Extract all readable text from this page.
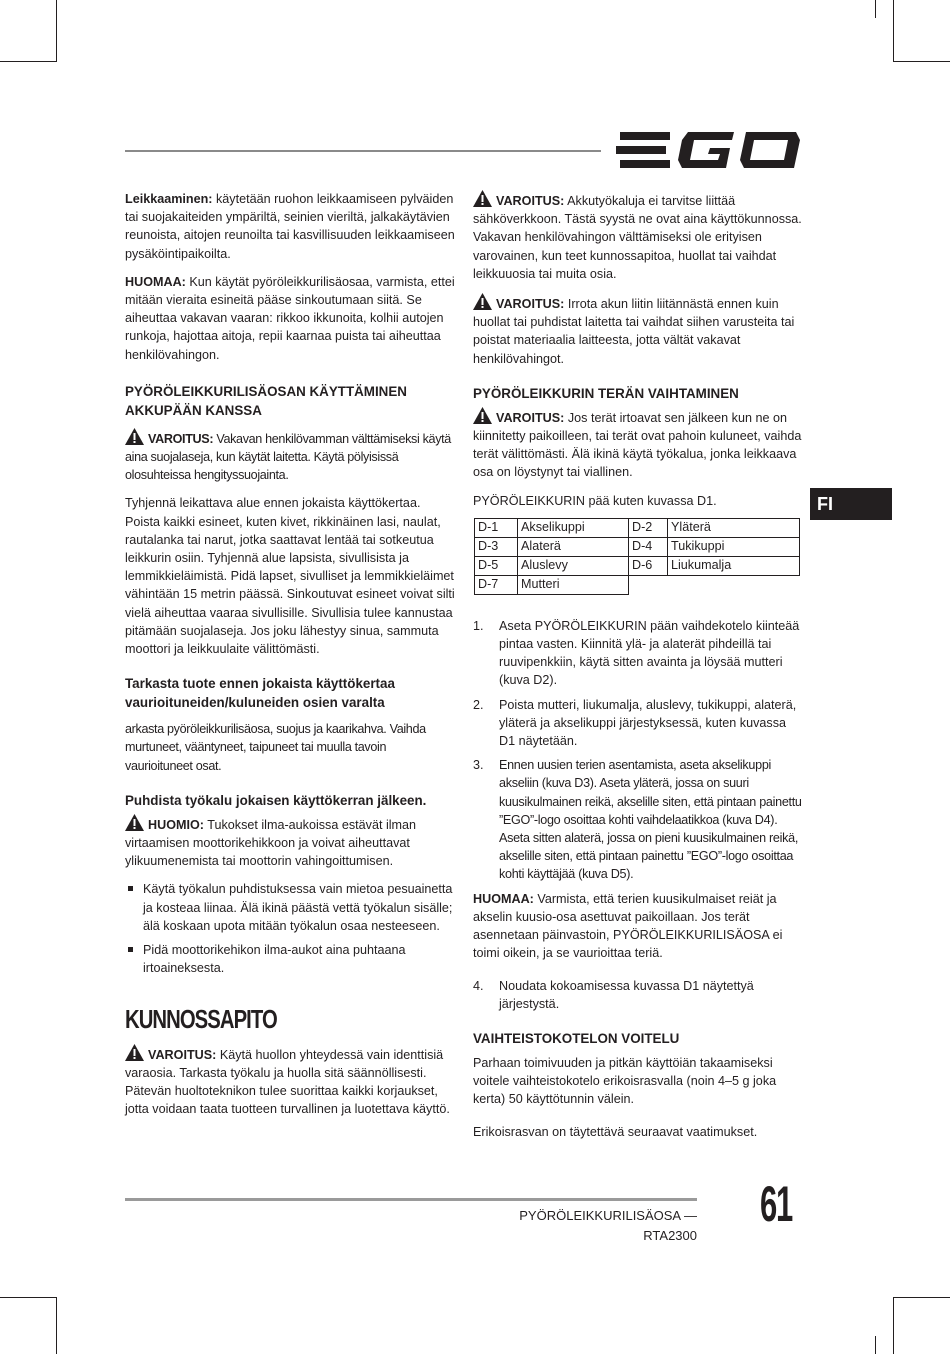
FI

Leikkaaminen: käytetään ruohon leikkaamiseen pylväiden tai suojakaiteiden ympäriltä, seinien vieriltä, jalkakäytävien reunoista, aitojen reunoilta tai kasvillisuuden leikkaamiseen pysäköintipaikoilta.

HUOMAA: Kun käytät pyöröleikkurilisäosaa, varmista, ettei mitään vieraita esineitä pääse sinkoutumaan siitä. Se aiheuttaa vakavan vaaran: rikkoo ikkunoita, kolhii autojen runkoja, hajottaa aitoja, repii kaarnaa puista tai aiheuttaa henkilövahingon.

PYÖRÖLEIKKURILISÄOSAN KÄYTTÄMINEN AKKUPÄÄN KANSSA

VAROITUS: Vakavan henkilövamman välttämiseksi käytä aina suojalaseja, kun käytät laitetta. Käytä pölyisissä olosuhteissa hengityssuojainta.

Tyhjennä leikattava alue ennen jokaista käyttökertaa. Poista kaikki esineet, kuten kivet, rikkinäinen lasi, naulat, rautalanka tai narut, jotka saattavat lentää tai sotkeutua leikkurin osiin. Tyhjennä alue lapsista, sivullisista ja lemmikkieläimistä. Pidä lapset, sivulliset ja lemmikkieläimet vähintään 15 metrin päässä. Sinkoutuvat esineet voivat silti vielä aiheuttaa vaaraa sivullisille. Sivullisia tulee kannustaa pitämään suojalaseja. Jos joku lähestyy sinua, sammuta moottori ja leikkuulaite välittömästi.

Tarkasta tuote ennen jokaista käyttökertaa vaurioituneiden/kuluneiden osien varalta

arkasta pyöröleikkurilisäosa, suojus ja kaarikahva. Vaihda murtuneet, vääntyneet, taipuneet tai muulla tavoin vaurioituneet osat.

Puhdista työkalu jokaisen käyttökerran jälkeen.

HUOMIO: Tukokset ilma-aukoissa estävät ilman virtaamisen moottorikehikkoon ja voivat aiheuttavat ylikuumenemista tai moottorin vahingoittumisen.

Käytä työkalun puhdistuksessa vain mietoa pesuainetta ja kosteaa liinaa. Älä ikinä päästä vettä työkalun sisälle; älä koskaan upota mitään työkalun osaa nesteeseen.
Pidä moottorikehikon ilma-aukot aina puhtaana irtoaineksesta.
KUNNOSSAPITO

VAROITUS: Käytä huollon yhteydessä vain identtisiä varaosia. Tarkasta työkalu ja huolla sitä säännöllisesti. Pätevän huoltoteknikon tulee suorittaa kaikki korjaukset, jotta voidaan taata tuotteen turvallinen ja luotettava käyttö.

VAROITUS: Akkutyökaluja ei tarvitse liittää sähköverkkoon. Tästä syystä ne ovat aina käyttökunnossa. Vakavan henkilövahingon välttämiseksi ole erityisen varovainen, kun teet kunnossapitoa, huollat tai vaihdat leikkuuosia tai muita osia.

VAROITUS: Irrota akun liitin liitännästä ennen kuin huollat tai puhdistat laitetta tai vaihdat siihen varusteita tai poistat materiaalia laitteesta, jotta vältät vakavat henkilövahingot.

PYÖRÖLEIKKURIN TERÄN VAIHTAMINEN

VAROITUS: Jos terät irtoavat sen jälkeen kun ne on kiinnitetty paikoilleen, tai terät ovat pahoin kuluneet, vaihda terät välittömästi. Älä ikinä käytä työkalua, jonka leikkaava osa on löystynyt tai viallinen.

PYÖRÖLEIKKURIN pää kuten kuvassa D1.

D-1	Akselikuppi	D-2	Yläterä
D-3	Alaterä	D-4	Tukikuppi
D-5	Aluslevy	D-6	Liukumalja
D-7	Mutteri		
1. Aseta PYÖRÖLEIKKURIN pään vaihdekotelo kiinteää pintaa vasten. Kiinnitä ylä- ja alaterät pihdeillä tai ruuvipenkkiin, käytä sitten avainta ja löysää mutteri (kuva D2).
2. Poista mutteri, liukumalja, aluslevy, tukikuppi, alaterä, yläterä ja akselikuppi järjestyksessä, kuten kuvassa D1 näytetään.
3. Ennen uusien terien asentamista, aseta akselikuppi akseliin (kuva D3). Aseta yläterä, jossa on suuri kuusikulmainen reikä, akselille siten, että pintaan painettu ”EGO”-logo osoittaa kohti vaihdelaatikkoa (kuva D4). Aseta sitten alaterä, jossa on pieni kuusikulmainen reikä, akselille siten, että pintaan painettu ”EGO”-logo osoittaa kohti käyttäjää (kuva D5).

HUOMAA: Varmista, että terien kuusikulmaiset reiät ja akselin kuusio-osa asettuvat paikoillaan. Jos terät asennetaan päinvastoin, PYÖRÖLEIKKURILISÄOSA ei toimi oikein, ja se vaurioittaa teriä.

4. Noudata kokoamisessa kuvassa D1 näytettyä järjestystä.
VAIHTEISTOKOTELON VOITELU

Parhaan toimivuuden ja pitkän käyttöiän takaamiseksi voitele vaihteistokotelo erikoisrasvalla (noin 4–5 g joka kerta) 50 käyttötunnin välein.

Erikoisrasvan on täytettävä seuraavat vaatimukset.

PYÖRÖLEIKKURILISÄOSA — RTA2300
61
